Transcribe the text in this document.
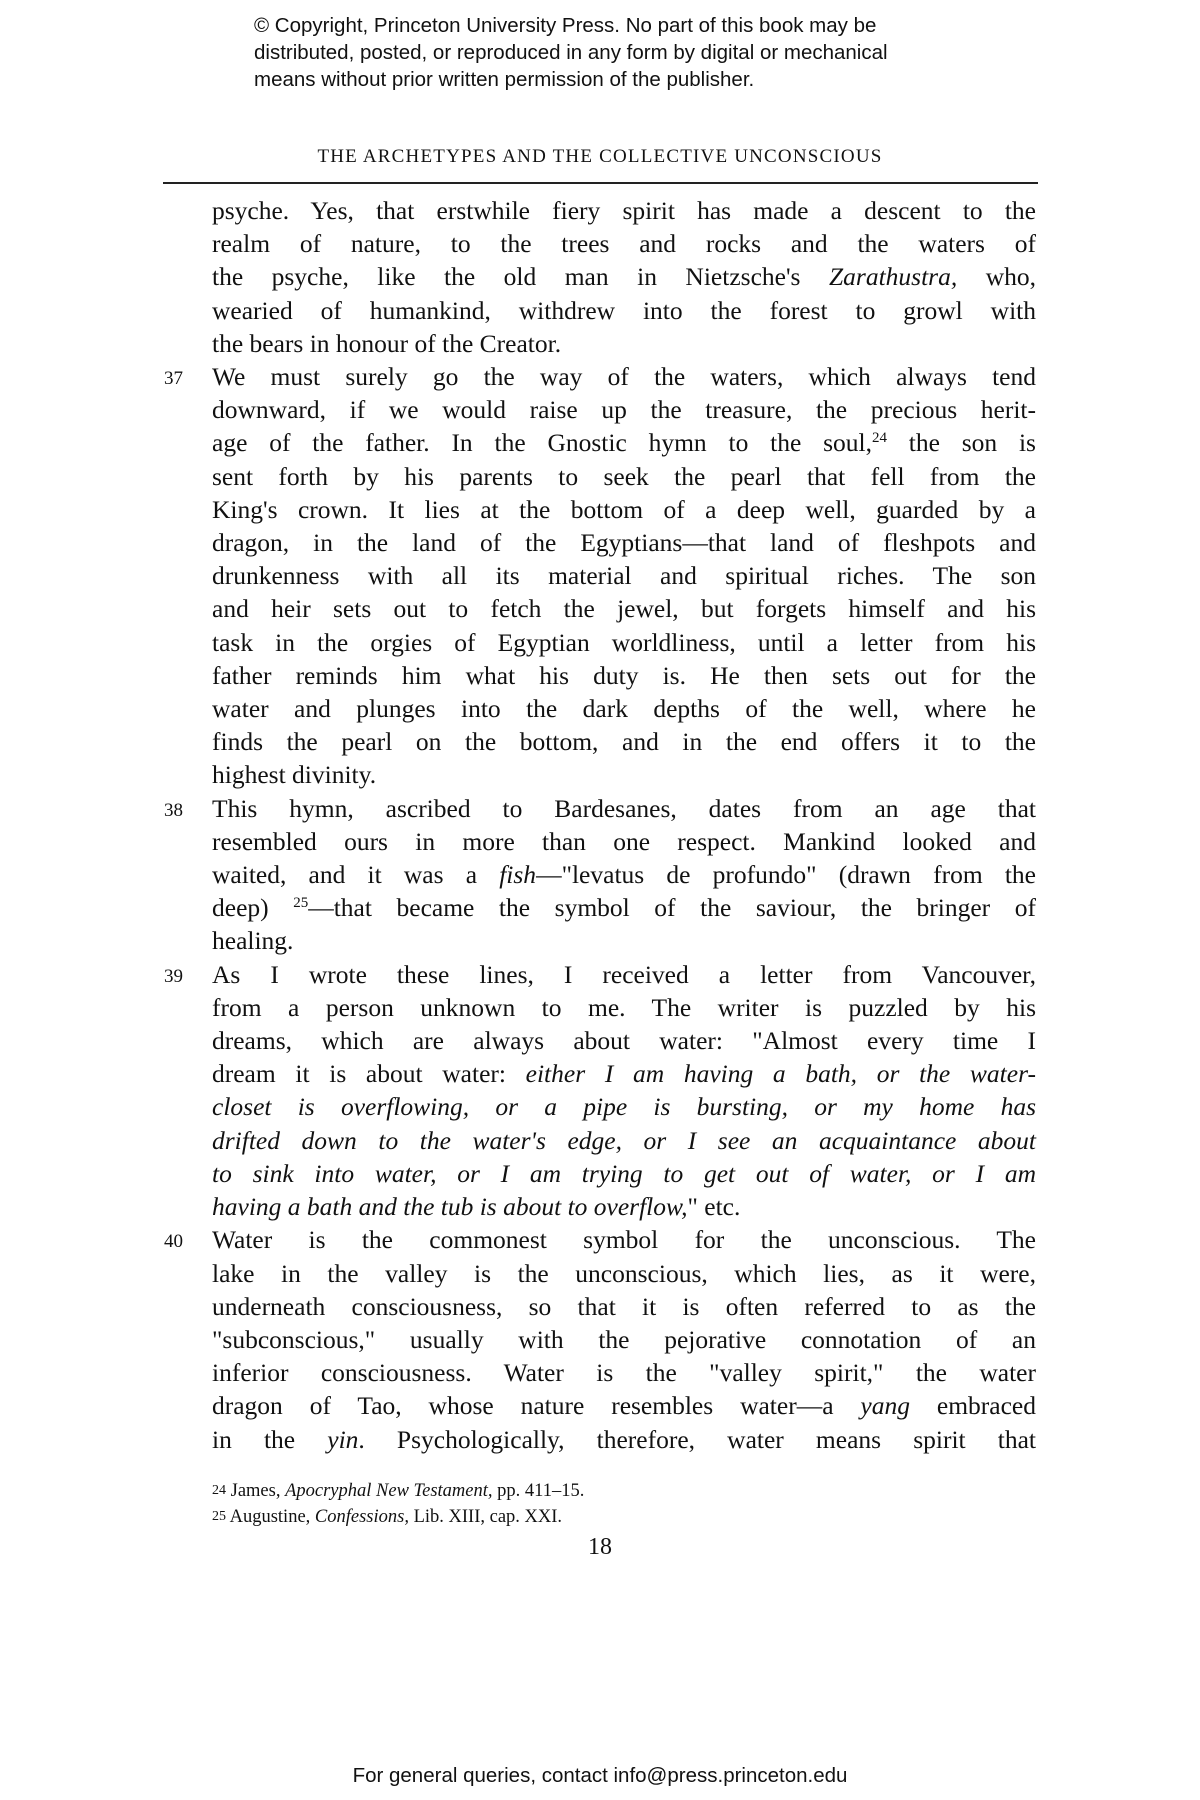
© Copyright, Princeton University Press. No part of this book may be
distributed, posted, or reproduced in any form by digital or mechanical
means without prior written permission of the publisher.
THE ARCHETYPES AND THE COLLECTIVE UNCONSCIOUS

psyche. Yes, that erstwhile fiery spirit has made a descent to the

realm of nature, to the trees and rocks and the waters of

the psyche, like the old man in Nietzsche's Zarathustra, who,

wearied of humankind, withdrew into the forest to growl with

the bears in honour of the Creator.

37 We must surely go the way of the waters, which always tend

downward, if we would raise up the treasure, the precious herit-

age of the father. In the Gnostic hymn to the soul,$^{24}$ the son is

sent forth by his parents to seek the pearl that fell from the

King's crown. It lies at the bottom of a deep well, guarded by a

dragon, in the land of the Egyptians—that land of fleshpots and

drunkenness with all its material and spiritual riches. The son

and heir sets out to fetch the jewel, but forgets himself and his

task in the orgies of Egyptian worldliness, until a letter from his

father reminds him what his duty is. He then sets out for the

water and plunges into the dark depths of the well, where he

finds the pearl on the bottom, and in the end offers it to the

highest divinity.

38 This hymn, ascribed to Bardesanes, dates from an age that

resembled ours in more than one respect. Mankind looked and

waited, and it was a fish—"levatus de profundo" (drawn from the

deep) $^{25}$—that became the symbol of the saviour, the bringer of

healing.

39 As I wrote these lines, I received a letter from Vancouver,

from a person unknown to me. The writer is puzzled by his

dreams, which are always about water: "Almost every time I

dream it is about water: either I am having a bath, or the water-

closet is overflowing, or a pipe is bursting, or my home has

drifted down to the water's edge, or I see an acquaintance about

to sink into water, or I am trying to get out of water, or I am

having a bath and the tub is about to overflow," etc.

40 Water is the commonest symbol for the unconscious. The

lake in the valley is the unconscious, which lies, as it were,

underneath consciousness, so that it is often referred to as the

"subconscious," usually with the pejorative connotation of an

inferior consciousness. Water is the "valley spirit," the water

dragon of Tao, whose nature resembles water—a yang embraced

in the yin. Psychologically, therefore, water means spirit that

24 James, Apocryphal New Testament, pp. 411–15.
25 Augustine, Confessions, Lib. XIII, cap. XXI.
18
For general queries, contact info@press.princeton.edu
